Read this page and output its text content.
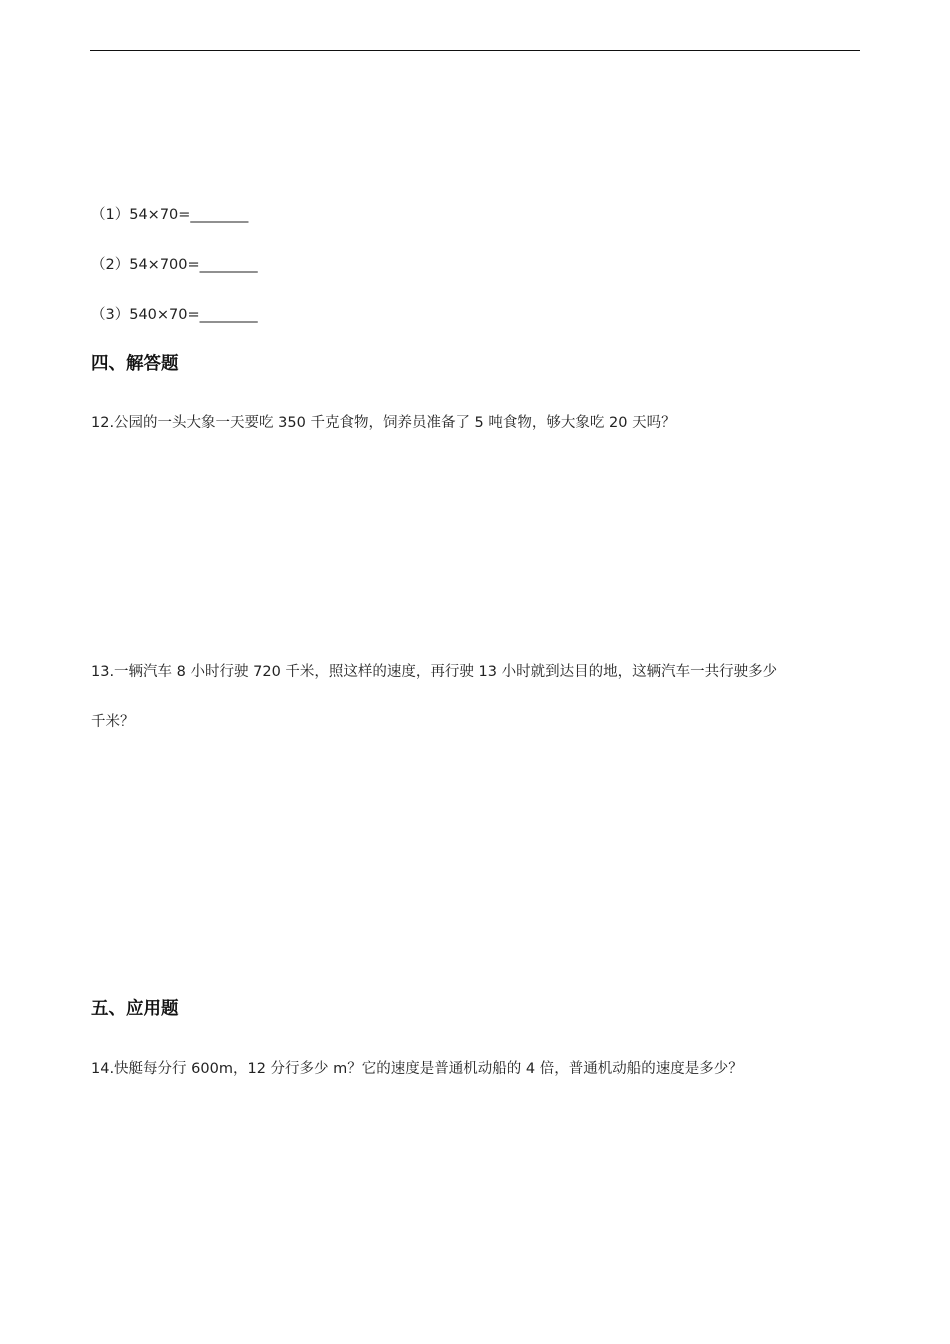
（1）54×70=________
（2）54×700=________
（3）540×70=________
四、解答题
12.公园的一头大象一天要吃 350 千克食物，饲养员准备了 5 吨食物，够大象吃 20 天吗？
13.一辆汽车 8 小时行驶 720 千米，照这样的速度，再行驶 13 小时就到达目的地，这辆汽车一共行驶多少
千米？
五、应用题
14.快艇每分行 600m，12 分行多少 m？它的速度是普通机动船的 4 倍，普通机动船的速度是多少？
